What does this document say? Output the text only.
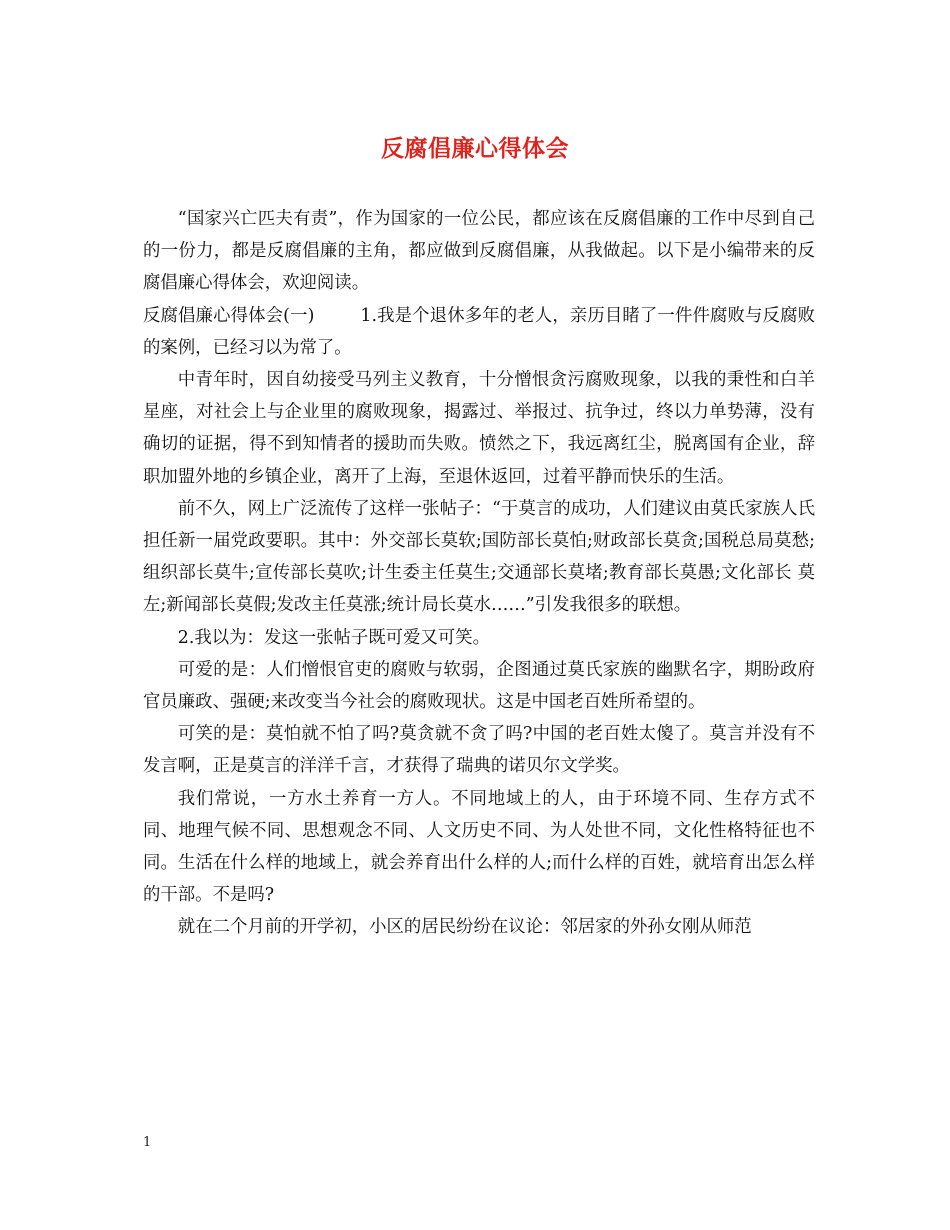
反腐倡廉心得体会

“国家兴亡匹夫有责”，作为国家的一位公民，都应该在反腐倡廉的工作中尽到自己的一份力，都是反腐倡廉的主角，都应做到反腐倡廉，从我做起。以下是小编带来的反腐倡廉心得体会，欢迎阅读。

反腐倡廉心得体会(一)	1.我是个退休多年的老人，亲历目睹了一件件腐败与反腐败的案例，已经习以为常了。

中青年时，因自幼接受马列主义教育，十分憎恨贪污腐败现象，以我的秉性和白羊星座，对社会上与企业里的腐败现象，揭露过、举报过、抗争过，终以力单势薄，没有确切的证据，得不到知情者的援助而失败。愤然之下，我远离红尘，脱离国有企业，辞职加盟外地的乡镇企业，离开了上海，至退休返回，过着平静而快乐的生活。

前不久，网上广泛流传了这样一张帖子：“于莫言的成功，人们建议由莫氏家族人氏担任新一届党政要职。其中：外交部长莫软;国防部长莫怕;财政部长莫贪;国税总局莫愁;组织部长莫牛;宣传部长莫吹;计生委主任莫生;交通部长莫堵;教育部长莫愚;文化部长 莫左;新闻部长莫假;发改主任莫涨;统计局长莫水……”引发我很多的联想。

2.我以为：发这一张帖子既可爱又可笑。

可爱的是：人们憎恨官吏的腐败与软弱，企图通过莫氏家族的幽默名字，期盼政府官员廉政、强硬;来改变当今社会的腐败现状。这是中国老百姓所希望的。

可笑的是：莫怕就不怕了吗?莫贪就不贪了吗?中国的老百姓太傻了。莫言并没有不发言啊，正是莫言的洋洋千言，才获得了瑞典的诺贝尔文学奖。

我们常说，一方水土养育一方人。不同地域上的人，由于环境不同、生存方式不同、地理气候不同、思想观念不同、人文历史不同、为人处世不同，文化性格特征也不同。生活在什么样的地域上，就会养育出什么样的人;而什么样的百姓，就培育出怎么样的干部。不是吗?

就在二个月前的开学初，小区的居民纷纷在议论：邻居家的外孙女刚从师范

1
